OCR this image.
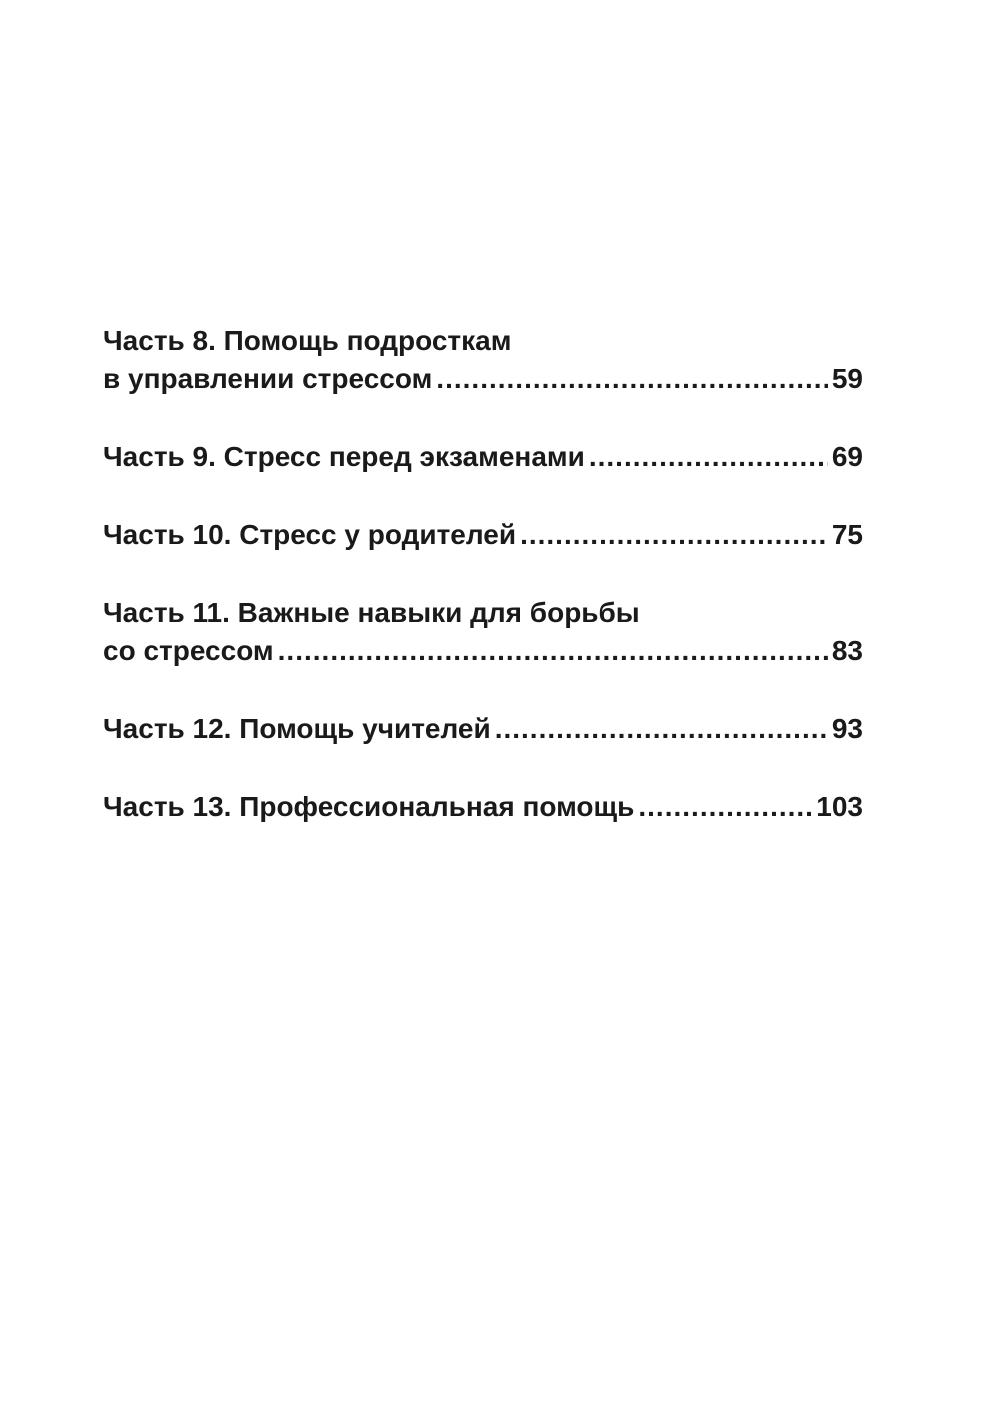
Часть 8. Помощь подросткам
в управлении стрессом .....	59
Часть 9. Стресс перед экзаменами .....	69
Часть 10. Стресс у родителей .....	75
Часть 11. Важные навыки для борьбы
со стрессом .....	83
Часть 12. Помощь учителей .....	93
Часть 13. Профессиональная помощь .....	103
